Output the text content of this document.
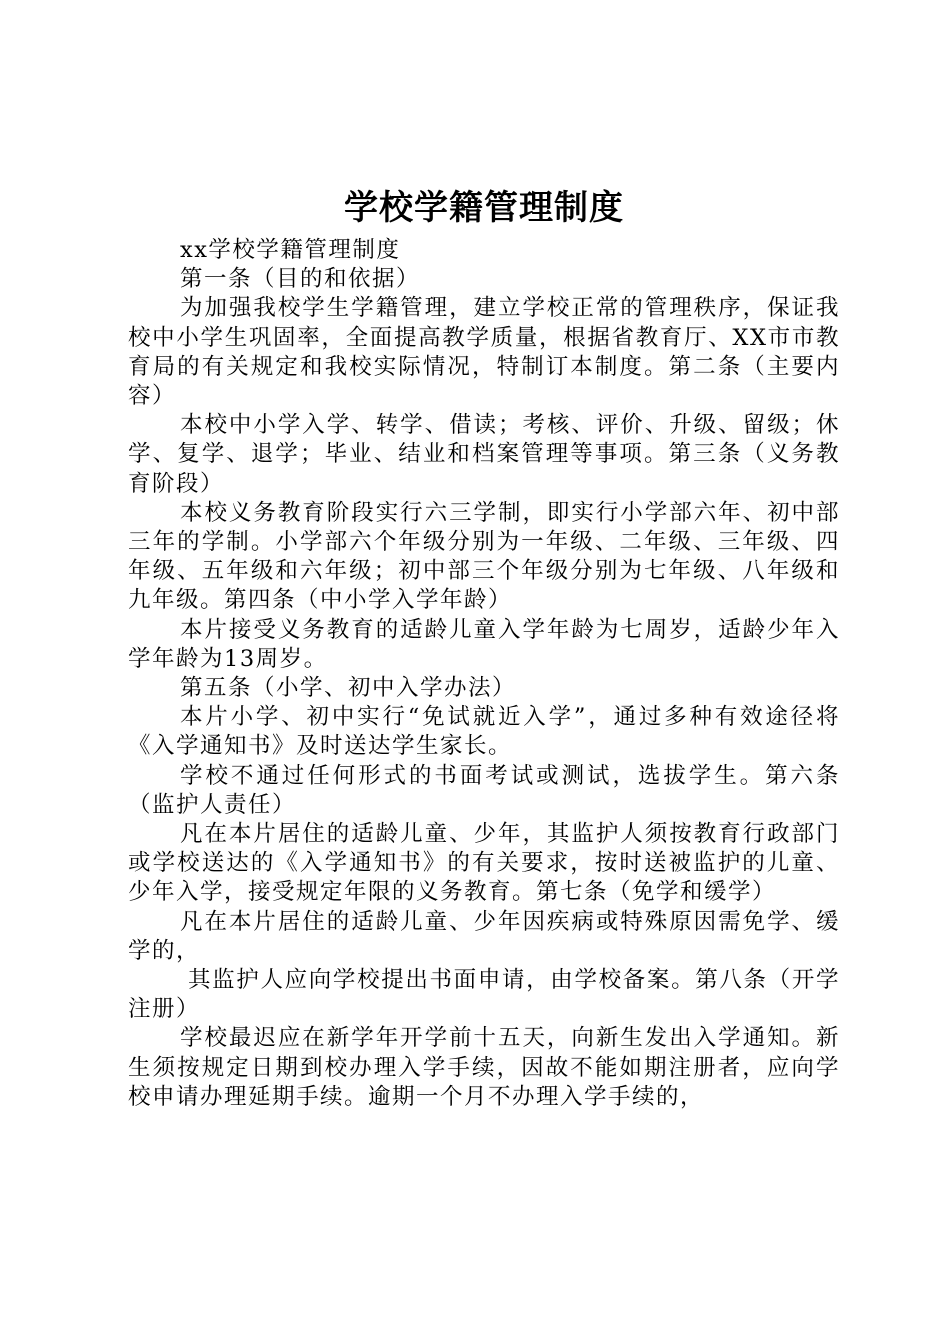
学校学籍管理制度

xx学校学籍管理制度

第一条（目的和依据）

为加强我校学生学籍管理，建立学校正常的管理秩序，保证我校中小学生巩固率，全面提高教学质量，根据省教育厅、XX市市教育局的有关规定和我校实际情况，特制订本制度。第二条（主要内容）

本校中小学入学、转学、借读；考核、评价、升级、留级；休学、复学、退学；毕业、结业和档案管理等事项。第三条（义务教育阶段）

本校义务教育阶段实行六三学制，即实行小学部六年、初中部三年的学制。小学部六个年级分别为一年级、二年级、三年级、四年级、五年级和六年级；初中部三个年级分别为七年级、八年级和九年级。第四条（中小学入学年龄）

本片接受义务教育的适龄儿童入学年龄为七周岁，适龄少年入学年龄为13周岁。

第五条（小学、初中入学办法）

本片小学、初中实行“免试就近入学”，通过多种有效途径将《入学通知书》及时送达学生家长。

学校不通过任何形式的书面考试或测试，选拔学生。第六条（监护人责任）

凡在本片居住的适龄儿童、少年，其监护人须按教育行政部门或学校送达的《入学通知书》的有关要求，按时送被监护的儿童、少年入学，接受规定年限的义务教育。第七条（免学和缓学）

凡在本片居住的适龄儿童、少年因疾病或特殊原因需免学、缓学的，

其监护人应向学校提出书面申请，由学校备案。第八条（开学注册）

学校最迟应在新学年开学前十五天，向新生发出入学通知。新生须按规定日期到校办理入学手续，因故不能如期注册者，应向学校申请办理延期手续。逾期一个月不办理入学手续的，
